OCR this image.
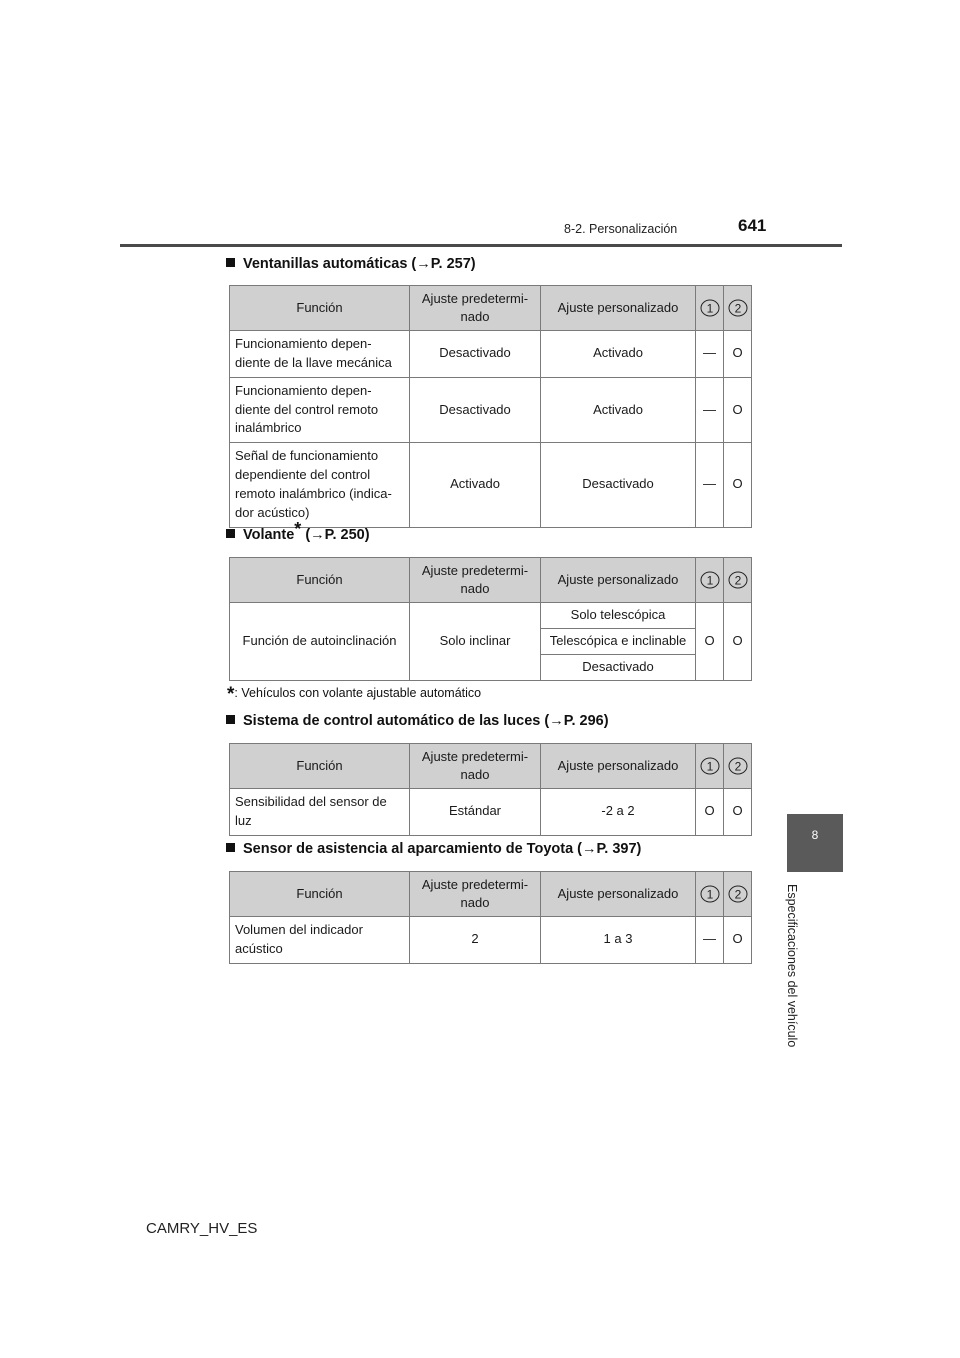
8-2. Personalización	641
8
Especificaciones del vehículo
Ventanillas automáticas (→P. 257)
Función	Ajuste predetermi-
nado	Ajuste personalizado	1	2

Funcionamiento depen-
diente de la llave mecánica	Desactivado	Activado	—	O
Funcionamiento depen-
diente del control remoto
inalámbrico	Desactivado	Activado	—	O
Señal de funcionamiento
dependiente del control
remoto inalámbrico (indica-
dor acústico)	Activado	Desactivado	—	O
Volante* (→P. 250)
Función	Ajuste predetermi-
nado	Ajuste personalizado	1	2

Función de autoinclinación	Solo inclinar	Solo telescópica	O	O
		Telescópica e inclinable		
		Desactivado		
*: Vehículos con volante ajustable automático
Sistema de control automático de las luces (→P. 296)
Función	Ajuste predetermi-
nado	Ajuste personalizado	1	2

Sensibilidad del sensor de
luz	Estándar	-2 a 2	O	O
Sensor de asistencia al aparcamiento de Toyota (→P. 397)
Función	Ajuste predetermi-
nado	Ajuste personalizado	1	2

Volumen del indicador
acústico	2	1 a 3	—	O
CAMRY_HV_ES
